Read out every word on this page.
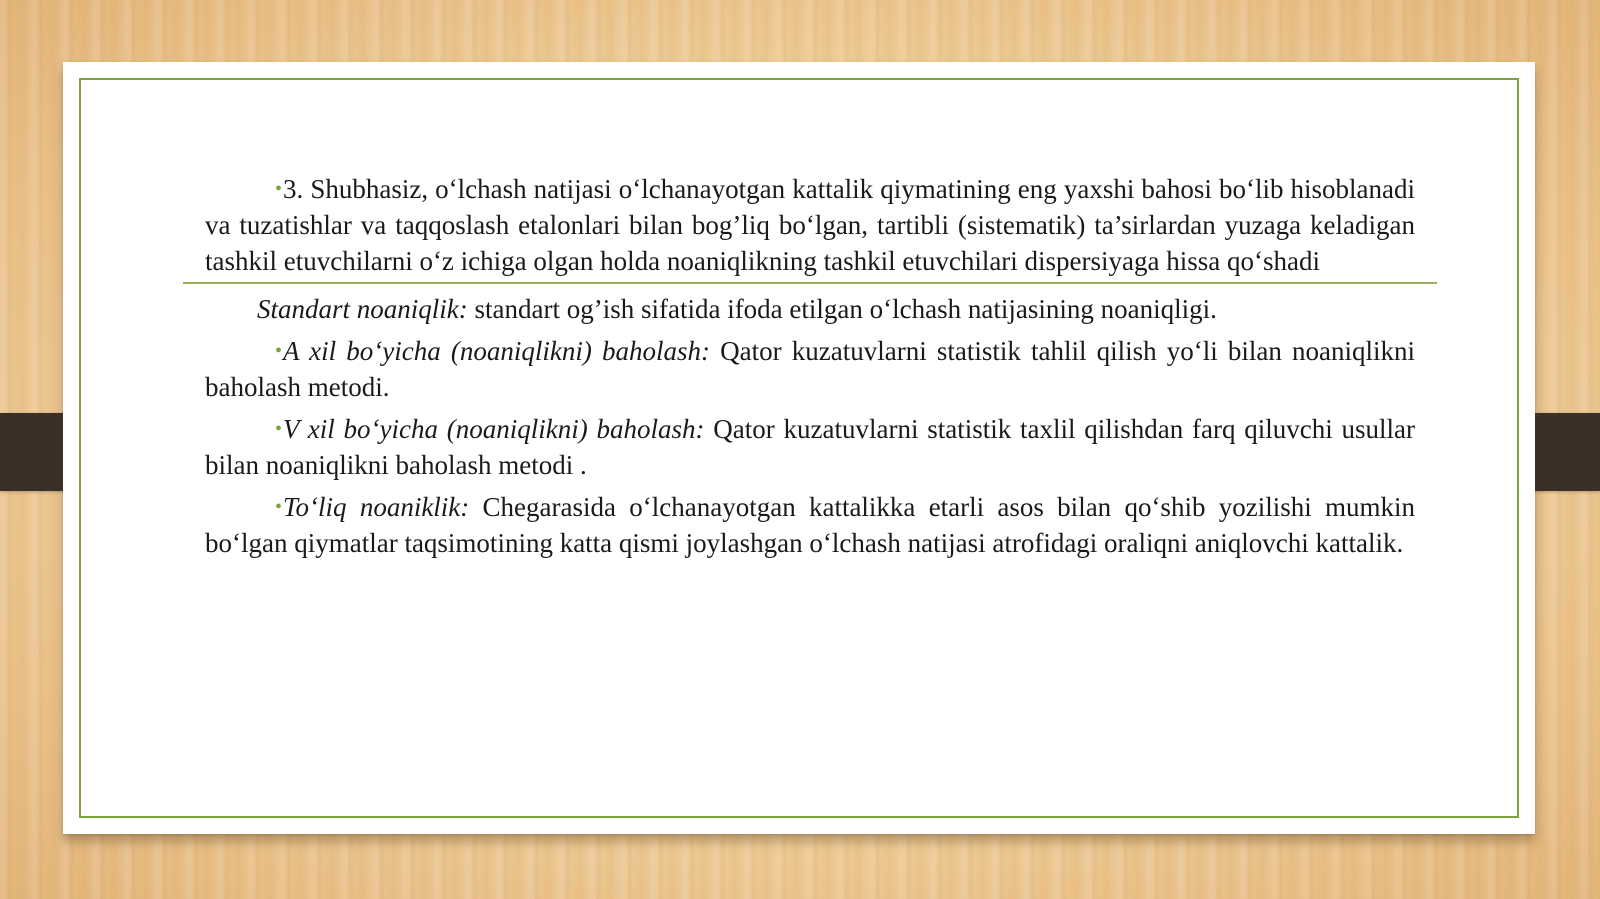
•3. Shubhasiz, o‘lchash natijasi o‘lchanayotgan kattalik qiymatining eng yaxshi bahosi bo‘lib hisoblanadi va tuzatishlar va taqqoslash etalonlari bilan bog’liq bo‘lgan, tartibli (sistematik) ta’sirlardan yuzaga keladigan tashkil etuvchilarni o‘z ichiga olgan holda noaniqlikning tashkil etuvchilari dispersiyaga hissa qo‘shadi

Standart noaniqlik: standart og’ish sifatida ifoda etilgan o‘lchash natijasining noaniqligi.

•A xil bo‘yicha (noaniqlikni) baholash: Qator kuzatuvlarni statistik tahlil qilish yo‘li bilan noaniqlikni baholash metodi.

•V xil bo‘yicha (noaniqlikni) baholash: Qator kuzatuvlarni statistik taxlil qilishdan farq qiluvchi usullar bilan noaniqlikni baholash metodi .

•To‘liq noaniklik: Chegarasida o‘lchanayotgan kattalikka etarli asos bilan qo‘shib yozilishi mumkin bo‘lgan qiymatlar taqsimotining katta qismi joylashgan o‘lchash natijasi atrofidagi oraliqni aniqlovchi kattalik.
